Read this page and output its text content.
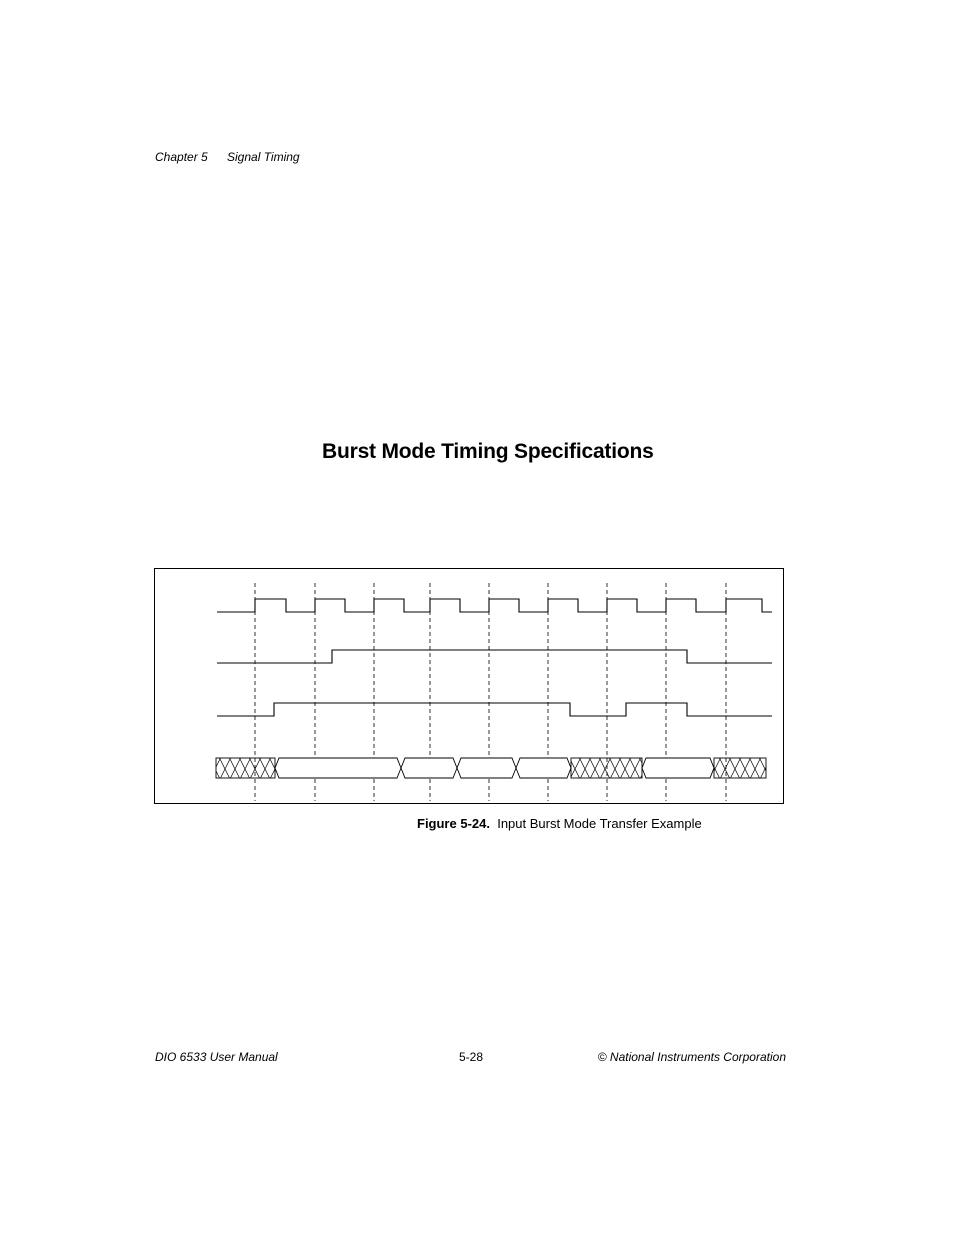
Chapter 5 Signal Timing
Burst Mode Timing Specifications
Figure 5-24. Input Burst Mode Transfer Example
DIO 6533 User Manual	5-28	© National Instruments Corporation
